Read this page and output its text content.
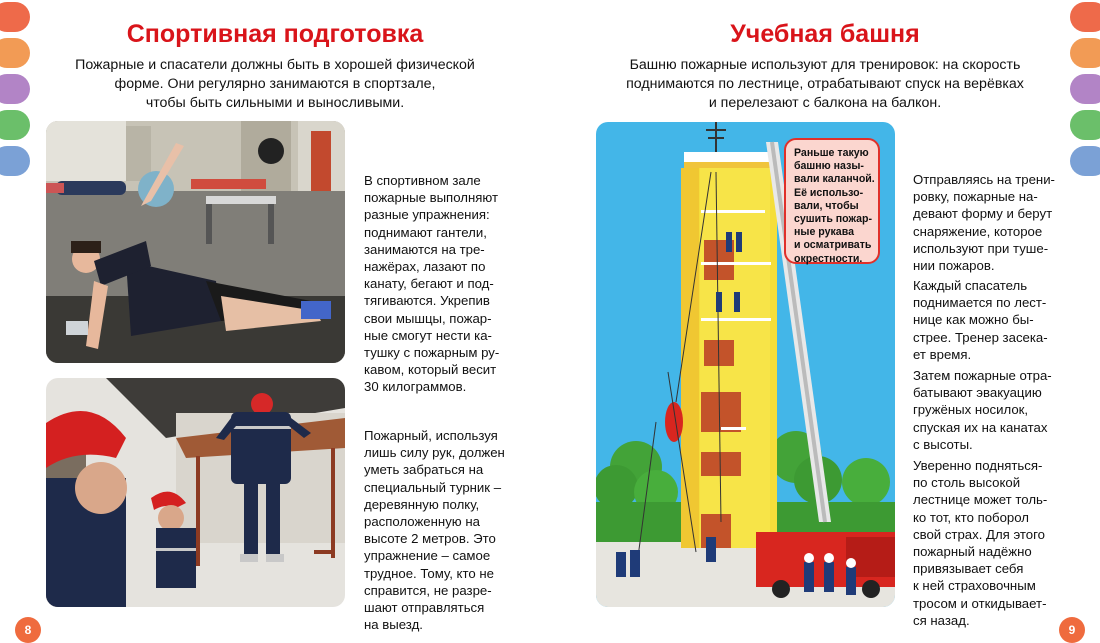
Спортивная подготовка
Пожарные и спасатели должны быть в хорошей физической
форме. Они регулярно занимаются в спортзале,
чтобы быть сильными и выносливыми.
В спортивном зале
пожарные выполняют
разные упражнения:
поднимают гантели,
занимаются на тре-
нажёрах, лазают по
канату, бегают и под-
тягиваются. Укрепив
свои мышцы, пожар-
ные смогут нести ка-
тушку с пожарным ру-
кавом, который весит
30 килограммов.
Пожарный, используя
лишь силу рук, должен
уметь забраться на
специальный турник –
деревянную полку,
расположенную на
высоте 2 метров. Это
упражнение – самое
трудное. Тому, кто не
справится, не разре-
шают отправляться
на выезд.
8
Учебная башня
Башню пожарные используют для тренировок: на скорость
поднимаются по лестнице, отрабатывают спуск на верёвках
и перелезают с балкона на балкон.
Раньше такую
башню назы-
вали каланчой.
Её использо-
вали, чтобы
сушить пожар-
ные рукава
и осматривать
окрестности.
Отправляясь на трени-
ровку, пожарные на-
девают форму и берут
снаряжение, которое
используют при туше-
нии пожаров.
Каждый спасатель
поднимается по лест-
нице как можно бы-
стрее. Тренер засека-
ет время.
Затем пожарные отра-
батывают эвакуацию
гружёных носилок,
спуская их на канатах
с высоты.
Уверенно подняться-
по столь высокой
лестнице может толь-
ко тот, кто поборол
свой страх. Для этого
пожарный надёжно
привязывает себя
к ней страховочным
тросом и откидывает-
ся назад.
9
